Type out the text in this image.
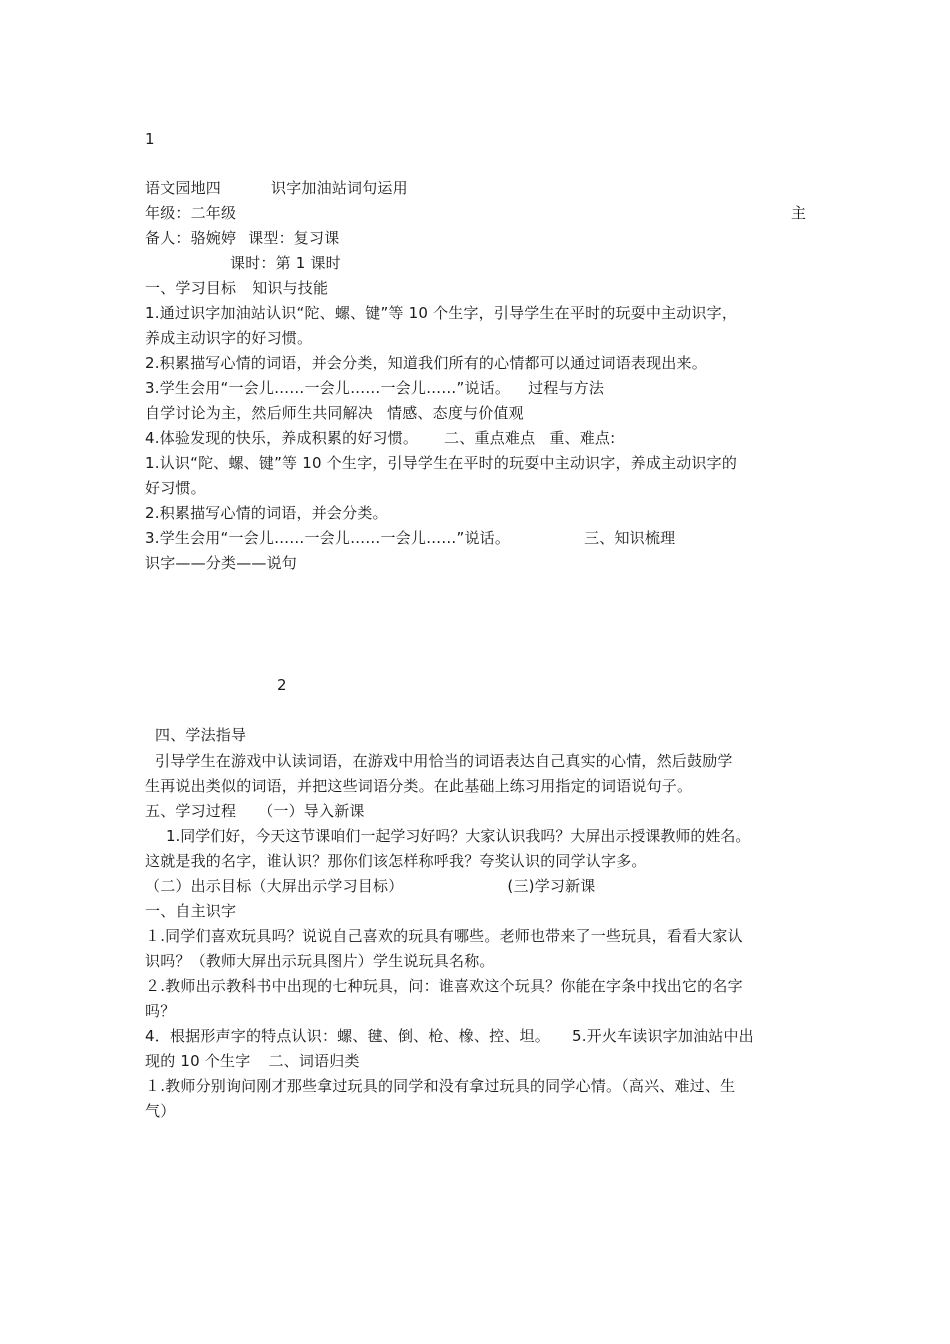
1
语文园地四	识字加油站词句运用
年级：二年级	主
备人：骆婉婷 课型：复习课
课时：第 1 课时
一、学习目标 知识与技能
1.通过识字加油站认识“陀、螺、键”等 10 个生字，引导学生在平时的玩耍中主动识字，
养成主动识字的好习惯。
2.积累描写心情的词语，并会分类，知道我们所有的心情都可以通过词语表现出来。
3.学生会用“一会儿……一会儿……一会儿……”说话。 过程与方法
自学讨论为主，然后师生共同解决 情感、态度与价值观
4.体验发现的快乐，养成积累的好习惯。 二、重点难点 重、难点:
1.认识“陀、螺、键”等 10 个生字，引导学生在平时的玩耍中主动识字，养成主动识字的
好习惯。
2.积累描写心情的词语，并会分类。
3.学生会用“一会儿……一会儿……一会儿……”说话。	三、知识梳理
识字——分类——说句
2
四、学法指导
引导学生在游戏中认读词语，在游戏中用恰当的词语表达自己真实的心情，然后鼓励学
生再说出类似的词语，并把这些词语分类。在此基础上练习用指定的词语说句子。
五、学习过程 （一）导入新课
1.同学们好，今天这节课咱们一起学习好吗？大家认识我吗？大屏出示授课教师的姓名。
这就是我的名字，谁认识？那你们该怎样称呼我？夸奖认识的同学认字多。
（二）出示目标（大屏出示学习目标）	(三)学习新课
一、自主识字
１.同学们喜欢玩具吗？说说自己喜欢的玩具有哪些。老师也带来了一些玩具，看看大家认
识吗？（教师大屏出示玩具图片）学生说玩具名称。
２.教师出示教科书中出现的七种玩具，问：谁喜欢这个玩具？你能在字条中找出它的名字
吗？
4．根据形声字的特点认识：螺、毽、倒、枪、橡、控、坦。 5.开火车读识字加油站中出
现的 10 个生字 二、词语归类
１.教师分别询问刚才那些拿过玩具的同学和没有拿过玩具的同学心情。（高兴、难过、生
气）
